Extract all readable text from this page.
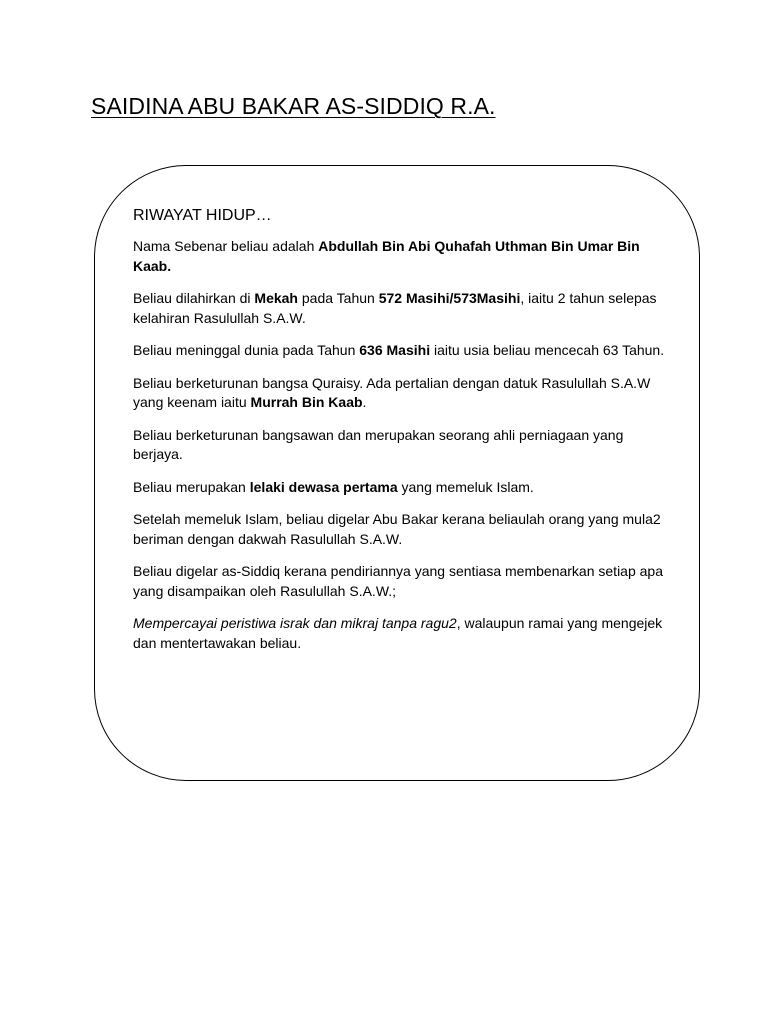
SAIDINA ABU BAKAR AS-SIDDIQ R.A.
RIWAYAT HIDUP…

Nama Sebenar beliau adalah Abdullah Bin Abi Quhafah Uthman Bin Umar Bin Kaab.

Beliau dilahirkan di Mekah pada Tahun 572 Masihi/573Masihi, iaitu 2 tahun selepas kelahiran Rasulullah S.A.W.

Beliau meninggal dunia pada Tahun 636 Masihi iaitu usia beliau mencecah 63 Tahun.

Beliau berketurunan bangsa Quraisy. Ada pertalian dengan datuk Rasulullah S.A.W yang keenam iaitu Murrah Bin Kaab.

Beliau berketurunan bangsawan dan merupakan seorang ahli perniagaan yang berjaya.

Beliau merupakan lelaki dewasa pertama yang memeluk Islam.

Setelah memeluk Islam, beliau digelar Abu Bakar kerana beliaulah orang yang mula2 beriman dengan dakwah Rasulullah S.A.W.

Beliau digelar as-Siddiq kerana pendiriannya yang sentiasa membenarkan setiap apa yang disampaikan oleh Rasulullah S.A.W.;

Mempercayai peristiwa israk dan mikraj tanpa ragu2, walaupun ramai yang mengejek dan mentertawakan beliau.
